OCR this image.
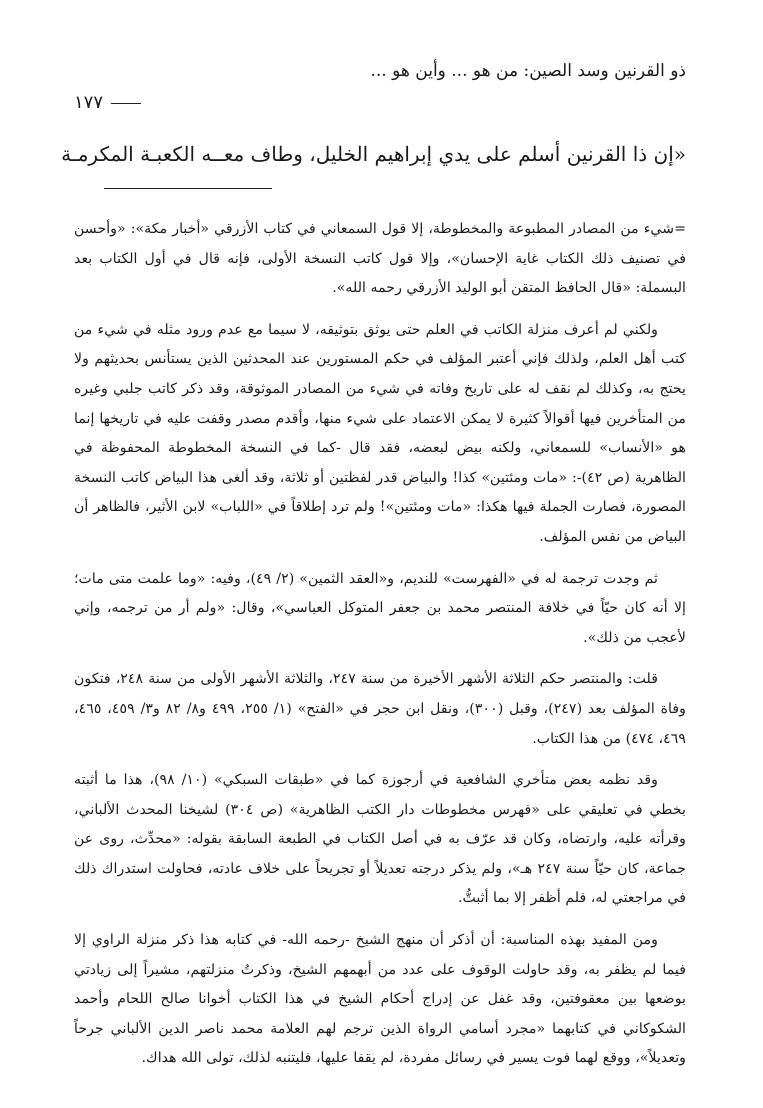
ذو القرنين وسد الصين: من هو ... وأين هو ...
١٧٧
«إن ذا القرنين أسلم على يدي إبراهيم الخليل، وطاف معــه الكعبـة المكرمـة

=شيء من المصادر المطبوعة والمخطوطة، إلا قول السمعاني في كتاب الأزرقي «أخبار مكة»: «وأحسن في تصنيف ذلك الكتاب غاية الإحسان»، وإلا قول كاتب النسخة الأولى، فإنه قال في أول الكتاب بعد البسملة: «قال الحافظ المتقن أبو الوليد الأزرقي رحمه الله».

ولكني لم أعرف منزلة الكاتب في العلم حتى يوثق بتوثيقه، لا سيما مع عدم ورود مثله في شيء من كتب أهل العلم، ولذلك فإني أعتبر المؤلف في حكم المستورين عند المحدثين الذين يستأنس بحديثهم ولا يحتج به، وكذلك لم نقف له على تاريخ وفاته في شيء من المصادر الموثوقة، وقد ذكر كاتب جلبي وغيره من المتأخرين فيها أقوالاً كثيرة لا يمكن الاعتماد على شيء منها، وأقدم مصدر وقفت عليه في تاريخها إنما هو «الأنساب» للسمعاني، ولكنه بيض لبعضه، فقد قال -كما في النسخة المخطوطة المحفوظة في الظاهرية (ص ٤٢)-: «مات ومئتين» كذا! والبياض قدر لفظتين أو ثلاثة، وقد ألغى هذا البياض كاتب النسخة المصورة، فصارت الجملة فيها هكذا: «مات ومئتين»! ولم ترد إطلاقاً في «اللباب» لابن الأثير، فالظاهر أن البياض من نفس المؤلف.

ثم وجدت ترجمة له في «الفهرست» للنديم، و«العقد الثمين» (٢/ ٤٩)، وفيه: «وما علمت متى مات؛ إلا أنه كان حيّاً في خلافة المنتصر محمد بن جعفر المتوكل العباسي»، وقال: «ولم أر من ترجمه، وإني لأعجب من ذلك».

قلت: والمنتصر حكم الثلاثة الأشهر الأخيرة من سنة ٢٤٧، والثلاثة الأشهر الأولى من سنة ٢٤٨، فتكون وفاة المؤلف بعد (٢٤٧)، وقبل (٣٠٠)، ونقل ابن حجر في «الفتح» (١/ ٢٥٥، ٤٩٩ و٨/ ٨٢ و٣/ ٤٥٩، ٤٦٥، ٤٦٩، ٤٧٤) من هذا الكتاب.

وقد نظمه بعض متأخري الشافعية في أرجوزة كما في «طبقات السبكي» (١٠/ ٩٨)، هذا ما أثبته بخطي في تعليقي على «فهرس مخطوطات دار الكتب الظاهرية» (ص ٣٠٤) لشيخنا المحدث الألباني، وقرأته عليه، وارتضاه، وكان قد عرّف به في أصل الكتاب في الطبعة السابقة بقوله: «محدِّث، روى عن جماعة، كان حيّاً سنة ٢٤٧ هـ»، ولم يذكر درجته تعديلاً أو تجريحاً على خلاف عادته، فحاولت استدراك ذلك في مراجعتي له، فلم أظفر إلا بما أثبتُّ.

ومن المفيد بهذه المناسبة: أن أذكر أن منهج الشيخ -رحمه الله- في كتابه هذا ذكر منزلة الراوي إلا فيما لم يظفر به، وقد حاولت الوقوف على عدد من أبهمهم الشيخ، وذكرتُ منزلتهم، مشيراً إلى زيادتي بوضعها بين معقوفتين، وقد غفل عن إدراج أحكام الشيخ في هذا الكتاب أخوانا صالح اللحام وأحمد الشكوكاني في كتابهما «مجرد أسامي الرواة الذين ترجم لهم العلامة محمد ناصر الدين الألباني جرحاً وتعديلاً»، ووقع لهما فوت يسير في رسائل مفردة، لم يقفا عليها، فليتنبه لذلك، تولى الله هداك.
